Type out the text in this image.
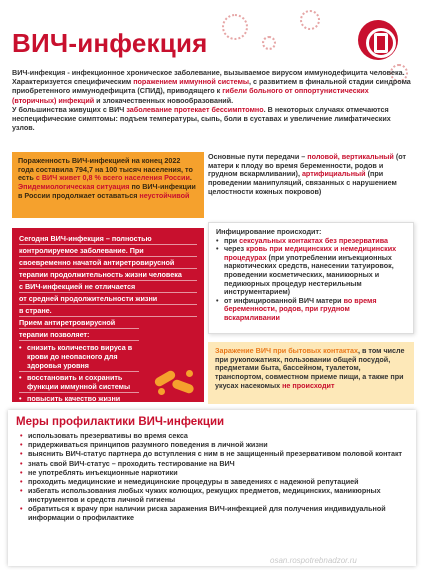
ВИЧ-инфекция
ВИЧ-инфекция - инфекционное хроническое заболевание, вызываемое вирусом иммунодефицита человека. Характеризуется специфическим поражением иммунной системы, с развитием в финальной стадии синдрома приобретенного иммунодефицита (СПИД), приводящего к гибели больного от оппортунистических (вторичных) инфекций и злокачественных новообразований.
У большинства живущих с ВИЧ заболевание протекает бессимптомно. В некоторых случаях отмечаются неспецифические симптомы: подъем температуры, сыпь, боли в суставах и увеличение лимфатических узлов.
Пораженность ВИЧ-инфекцией на конец 2022 года составила 794,7 на 100 тысяч населения, то есть с ВИЧ живет 0,8 % всего населения России. Эпидемиологическая ситуация по ВИЧ-инфекции в России продолжает оставаться неустойчивой
Основные пути передачи – половой, вертикальный (от матери к плоду во время беременности, родов и грудном вскармливании), артифициальный (при проведении манипуляций, связанных с нарушением целостности кожных покровов)
Сегодня ВИЧ-инфекция – полностью
контролируемое заболевание. При
своевременно начатой антиретровирусной
терапии продолжительность жизни человека
с ВИЧ-инфекцией не отличается
от средней продолжительности жизни
в стране.
Прием антиретровирусной
терапии позволяет:
• снизить количество вируса в крови до неопасного для здоровья уровня
• восстановить и сохранить функции иммунной системы
• повысить качество жизни
Инфицирование происходит:
• при сексуальных контактах без презерватива
• через кровь при медицинских и немедицинских процедурах (при употреблении инъекционных наркотических средств, нанесении татуировок, проведении косметических, маникюрных и педикюрных процедур нестерильным инструментарием)
• от инфицированной ВИЧ матери во время беременности, родов, при грудном вскармливании
Заражение ВИЧ при бытовых контактах, в том числе при рукопожатиях, пользовании общей посудой, предметами быта, бассейном, туалетом, транспортом, совместном приеме пищи, а также при укусах насекомых не происходит
Меры профилактики ВИЧ-инфекции
• использовать презервативы во время секса
• придерживаться принципов разумного поведения в личной жизни
• выяснить ВИЧ-статус партнера до вступления с ним в не защищенный презервативом половой контакт
• знать свой ВИЧ-статус – проходить тестирование на ВИЧ
• не употреблять инъекционные наркотики
• проходить медицинские и немедицинские процедуры в заведениях с надежной репутацией
• избегать использования любых чужих колющих, режущих предметов, медицинских, маникюрных инструментов и средств личной гигиены
• обратиться к врачу при наличии риска заражения ВИЧ-инфекцией для получения индивидуальной информации о профилактике
osan.rospotrebnadzor.ru
